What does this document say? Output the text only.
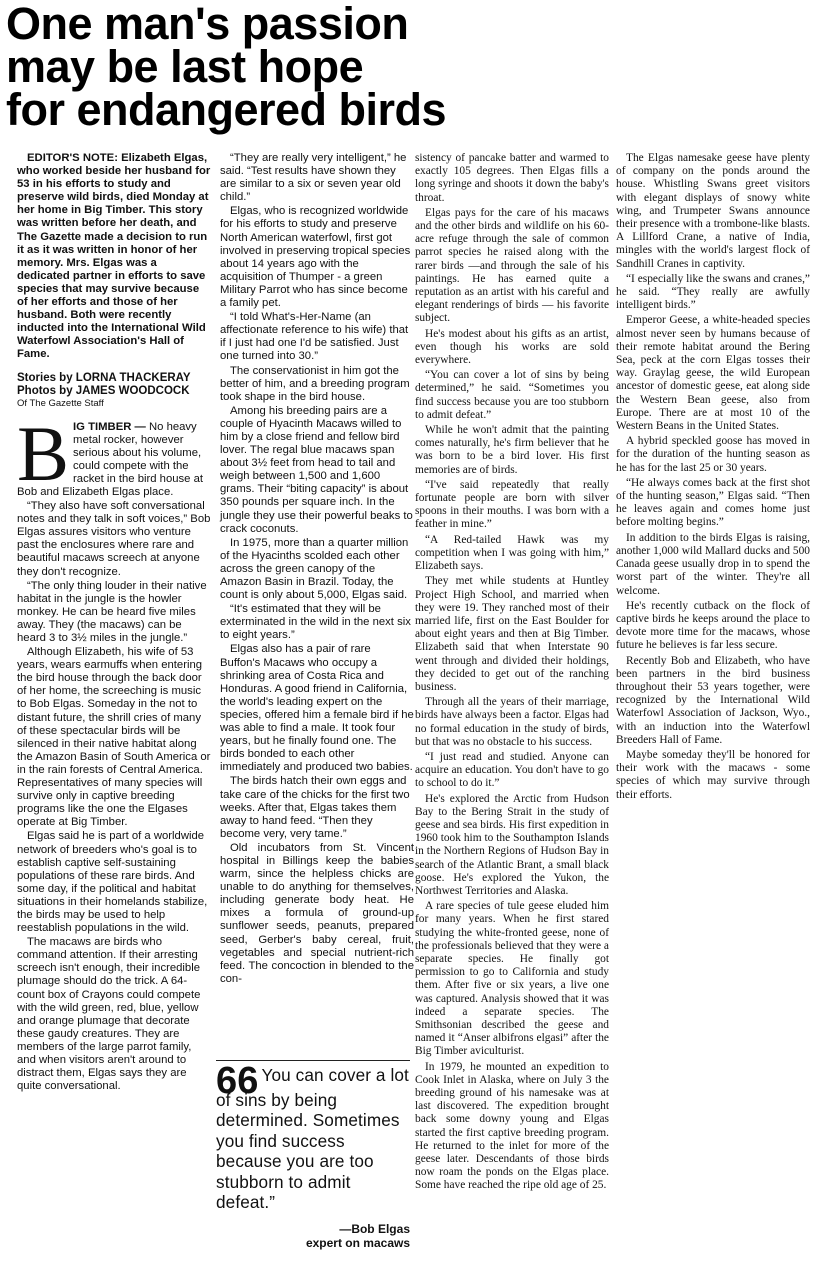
One man's passion
may be last hope
for endangered birds

EDITOR'S NOTE: Elizabeth Elgas, who worked beside her husband for 53 in his efforts to study and preserve wild birds, died Monday at her home in Big Timber. This story was written before her death, and The Gazette made a decision to run it as it was written in honor of her memory. Mrs. Elgas was a dedicated partner in efforts to save species that may survive because of her efforts and those of her husband. Both were recently inducted into the International Wild Waterfowl Association's Hall of Fame.

Stories by LORNA THACKERAY

Photos by JAMES WOODCOCK

Of The Gazette Staff

BIG TIMBER — No heavy metal rocker, however serious about his volume, could compete with the racket in the bird house at Bob and Elizabeth Elgas place.

“They also have soft conversational notes and they talk in soft voices,” Bob Elgas assures visitors who venture past the enclosures where rare and beautiful macaws screech at anyone they don't recognize.

“The only thing louder in their native habitat in the jungle is the howler monkey. He can be heard five miles away. They (the macaws) can be heard 3 to 3½ miles in the jungle.”

Although Elizabeth, his wife of 53 years, wears earmuffs when entering the bird house through the back door of her home, the screeching is music to Bob Elgas. Someday in the not to distant future, the shrill cries of many of these spectacular birds will be silenced in their native habitat along the Amazon Basin of South America or in the rain forests of Central America. Representatives of many species will survive only in captive breeding programs like the one the Elgases operate at Big Timber.

Elgas said he is part of a worldwide network of breeders who's goal is to establish captive self-sustaining populations of these rare birds. And some day, if the political and habitat situations in their homelands stabilize, the birds may be used to help reestablish populations in the wild.

The macaws are birds who command attention. If their arresting screech isn't enough, their incredible plumage should do the trick. A 64-count box of Crayons could compete with the wild green, red, blue, yellow and orange plumage that decorate these gaudy creatures. They are members of the large parrot family, and when visitors aren't around to distract them, Elgas says they are quite conversational.

“They are really very intelligent,” he said. “Test results have shown they are similar to a six or seven year old child.”

Elgas, who is recognized worldwide for his efforts to study and preserve North American waterfowl, first got involved in preserving tropical species about 14 years ago with the acquisition of Thumper - a green Military Parrot who has since become a family pet.

“I told What's-Her-Name (an affectionate reference to his wife) that if I just had one I'd be satisfied. Just one turned into 30.”

The conservationist in him got the better of him, and a breeding program took shape in the bird house.

Among his breeding pairs are a couple of Hyacinth Macaws willed to him by a close friend and fellow bird lover. The regal blue macaws span about 3½ feet from head to tail and weigh between 1,500 and 1,600 grams. Their “biting capacity” is about 350 pounds per square inch. In the jungle they use their powerful beaks to crack coconuts.

In 1975, more than a quarter million of the Hyacinths scolded each other across the green canopy of the Amazon Basin in Brazil. Today, the count is only about 5,000, Elgas said.

“It's estimated that they will be exterminated in the wild in the next six to eight years.”

Elgas also has a pair of rare Buffon's Macaws who occupy a shrinking area of Costa Rica and Honduras. A good friend in California, the world's leading expert on the species, offered him a female bird if he was able to find a male. It took four years, but he finally found one. The birds bonded to each other immediately and produced two babies.

The birds hatch their own eggs and take care of the chicks for the first two weeks. After that, Elgas takes them away to hand feed. “Then they become very, very tame.”

Old incubators from St. Vincent hospital in Billings keep the babies warm, since the helpless chicks are unable to do anything for themselves, including generate body heat. He mixes a formula of ground-up sunflower seeds, peanuts, prepared seed, Gerber's baby cereal, fruit, vegetables and special nutrient-rich feed. The concoction in blended to the con-

66 You can cover a lot of sins by being determined. Sometimes you find success because you are too stubborn to admit defeat.”
—Bob Elgas
expert on macaws

sistency of pancake batter and warmed to exactly 105 degrees. Then Elgas fills a long syringe and shoots it down the baby's throat.

Elgas pays for the care of his macaws and the other birds and wildlife on his 60-acre refuge through the sale of common parrot species he raised along with the rarer birds —and through the sale of his paintings. He has earned quite a reputation as an artist with his careful and elegant renderings of birds — his favorite subject.

He's modest about his gifts as an artist, even though his works are sold everywhere.

“You can cover a lot of sins by being determined,” he said. “Sometimes you find success because you are too stubborn to admit defeat.”

While he won't admit that the painting comes naturally, he's firm believer that he was born to be a bird lover. His first memories are of birds.

“I've said repeatedly that really fortunate people are born with silver spoons in their mouths. I was born with a feather in mine.”

“A Red-tailed Hawk was my competition when I was going with him,” Elizabeth says.

They met while students at Huntley Project High School, and married when they were 19. They ranched most of their married life, first on the East Boulder for about eight years and then at Big Timber. Elizabeth said that when Interstate 90 went through and divided their holdings, they decided to get out of the ranching business.

Through all the years of their marriage, birds have always been a factor. Elgas had no formal education in the study of birds, but that was no obstacle to his success.

“I just read and studied. Anyone can acquire an education. You don't have to go to school to do it.”

He's explored the Arctic from Hudson Bay to the Bering Strait in the study of geese and sea birds. His first expedition in 1960 took him to the Southampton Islands in the Northern Regions of Hudson Bay in search of the Atlantic Brant, a small black goose. He's explored the Yukon, the Northwest Territories and Alaska.

A rare species of tule geese eluded him for many years. When he first stared studying the white-fronted geese, none of the professionals believed that they were a separate species. He finally got permission to go to California and study them. After five or six years, a live one was captured. Analysis showed that it was indeed a separate species. The Smithsonian described the geese and named it “Anser albifrons elgasi” after the Big Timber aviculturist.

In 1979, he mounted an expedition to Cook Inlet in Alaska, where on July 3 the breeding ground of his namesake was at last discovered. The expedition brought back some downy young and Elgas started the first captive breeding program. He returned to the inlet for more of the geese later. Descendants of those birds now roam the ponds on the Elgas place. Some have reached the ripe old age of 25.

The Elgas namesake geese have plenty of company on the ponds around the house. Whistling Swans greet visitors with elegant displays of snowy white wing, and Trumpeter Swans announce their presence with a trombone-like blasts. A Lillford Crane, a native of India, mingles with the world's largest flock of Sandhill Cranes in captivity.

“I especially like the swans and cranes,” he said. “They really are awfully intelligent birds.”

Emperor Geese, a white-headed species almost never seen by humans because of their remote habitat around the Bering Sea, peck at the corn Elgas tosses their way. Graylag geese, the wild European ancestor of domestic geese, eat along side the Western Bean geese, also from Europe. There are at most 10 of the Western Beans in the United States.

A hybrid speckled goose has moved in for the duration of the hunting season as he has for the last 25 or 30 years.

“He always comes back at the first shot of the hunting season,” Elgas said. “Then he leaves again and comes home just before molting begins.”

In addition to the birds Elgas is raising, another 1,000 wild Mallard ducks and 500 Canada geese usually drop in to spend the worst part of the winter. They're all welcome.

He's recently cutback on the flock of captive birds he keeps around the place to devote more time for the macaws, whose future he believes is far less secure.

Recently Bob and Elizabeth, who have been partners in the bird business throughout their 53 years together, were recognized by the International Wild Waterfowl Association of Jackson, Wyo., with an induction into the Waterfowl Breeders Hall of Fame.

Maybe someday they'll be honored for their work with the macaws - some species of which may survive through their efforts.
